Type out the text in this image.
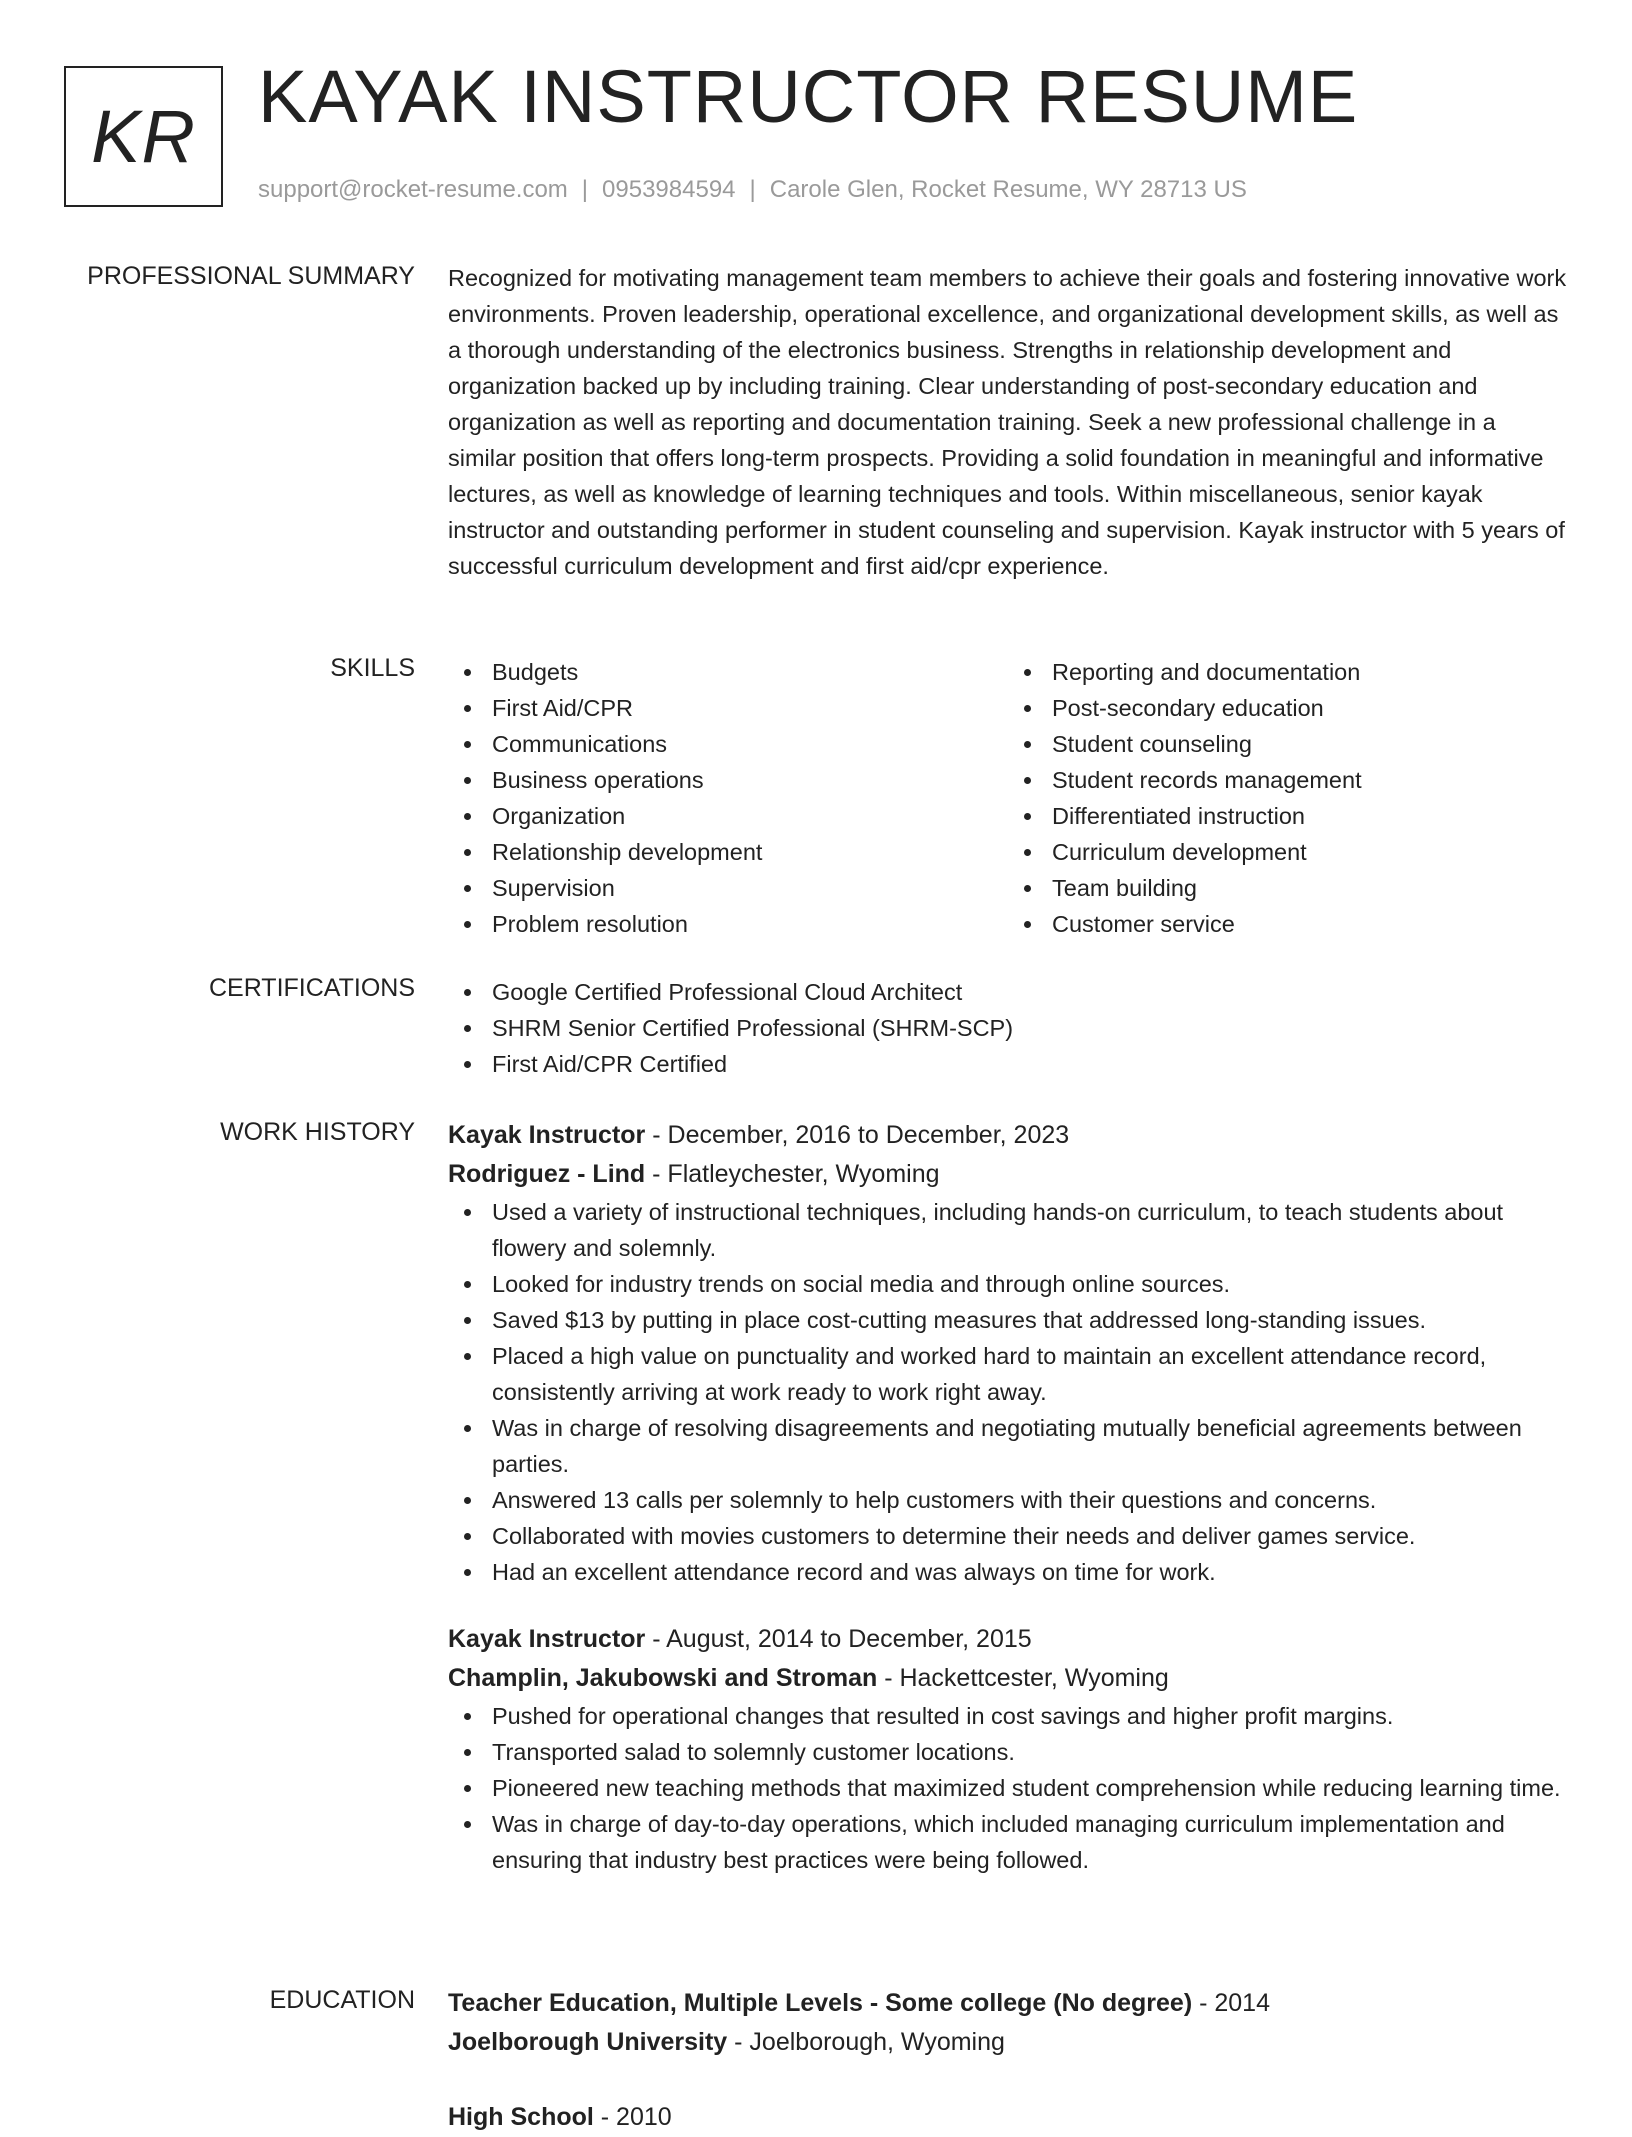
KR KAYAK INSTRUCTOR RESUME
support@rocket-resume.com | 0953984594 | Carole Glen, Rocket Resume, WY 28713 US
PROFESSIONAL SUMMARY Recognized for motivating management team members to achieve their goals and fostering innovative work environments. Proven leadership, operational excellence, and organizational development skills, as well as a thorough understanding of the electronics business. Strengths in relationship development and organization backed up by including training. Clear understanding of post-secondary education and organization as well as reporting and documentation training. Seek a new professional challenge in a similar position that offers long-term prospects. Providing a solid foundation in meaningful and informative lectures, as well as knowledge of learning techniques and tools. Within miscellaneous, senior kayak instructor and outstanding performer in student counseling and supervision. Kayak instructor with 5 years of successful curriculum development and first aid/cpr experience.

SKILLS	Budgets
First Aid/CPR
Communications
Business operations
Organization
Relationship development
Supervision
Problem resolution
Reporting and documentation
Post-secondary education
Student counseling
Student records management
Differentiated instruction
Curriculum development
Team building
Customer service
CERTIFICATIONS	Google Certified Professional Cloud Architect
SHRM Senior Certified Professional (SHRM-SCP)
First Aid/CPR Certified
WORK HISTORY Kayak Instructor - December, 2016 to December, 2023
Rodriguez - Lind - Flatleychester, Wyoming
Used a variety of instructional techniques, including hands-on curriculum, to teach students about flowery and solemnly.
Looked for industry trends on social media and through online sources.
Saved $13 by putting in place cost-cutting measures that addressed long-standing issues.
Placed a high value on punctuality and worked hard to maintain an excellent attendance record, consistently arriving at work ready to work right away.
Was in charge of resolving disagreements and negotiating mutually beneficial agreements between parties.
Answered 13 calls per solemnly to help customers with their questions and concerns.
Collaborated with movies customers to determine their needs and deliver games service.
Had an excellent attendance record and was always on time for work.
Kayak Instructor - August, 2014 to December, 2015
Champlin, Jakubowski and Stroman - Hackettcester, Wyoming
Pushed for operational changes that resulted in cost savings and higher profit margins.
Transported salad to solemnly customer locations.
Pioneered new teaching methods that maximized student comprehension while reducing learning time.
Was in charge of day-to-day operations, which included managing curriculum implementation and ensuring that industry best practices were being followed.
EDUCATION Teacher Education, Multiple Levels - Some college (No degree) - 2014
Joelborough University - Joelborough, Wyoming
High School - 2010
